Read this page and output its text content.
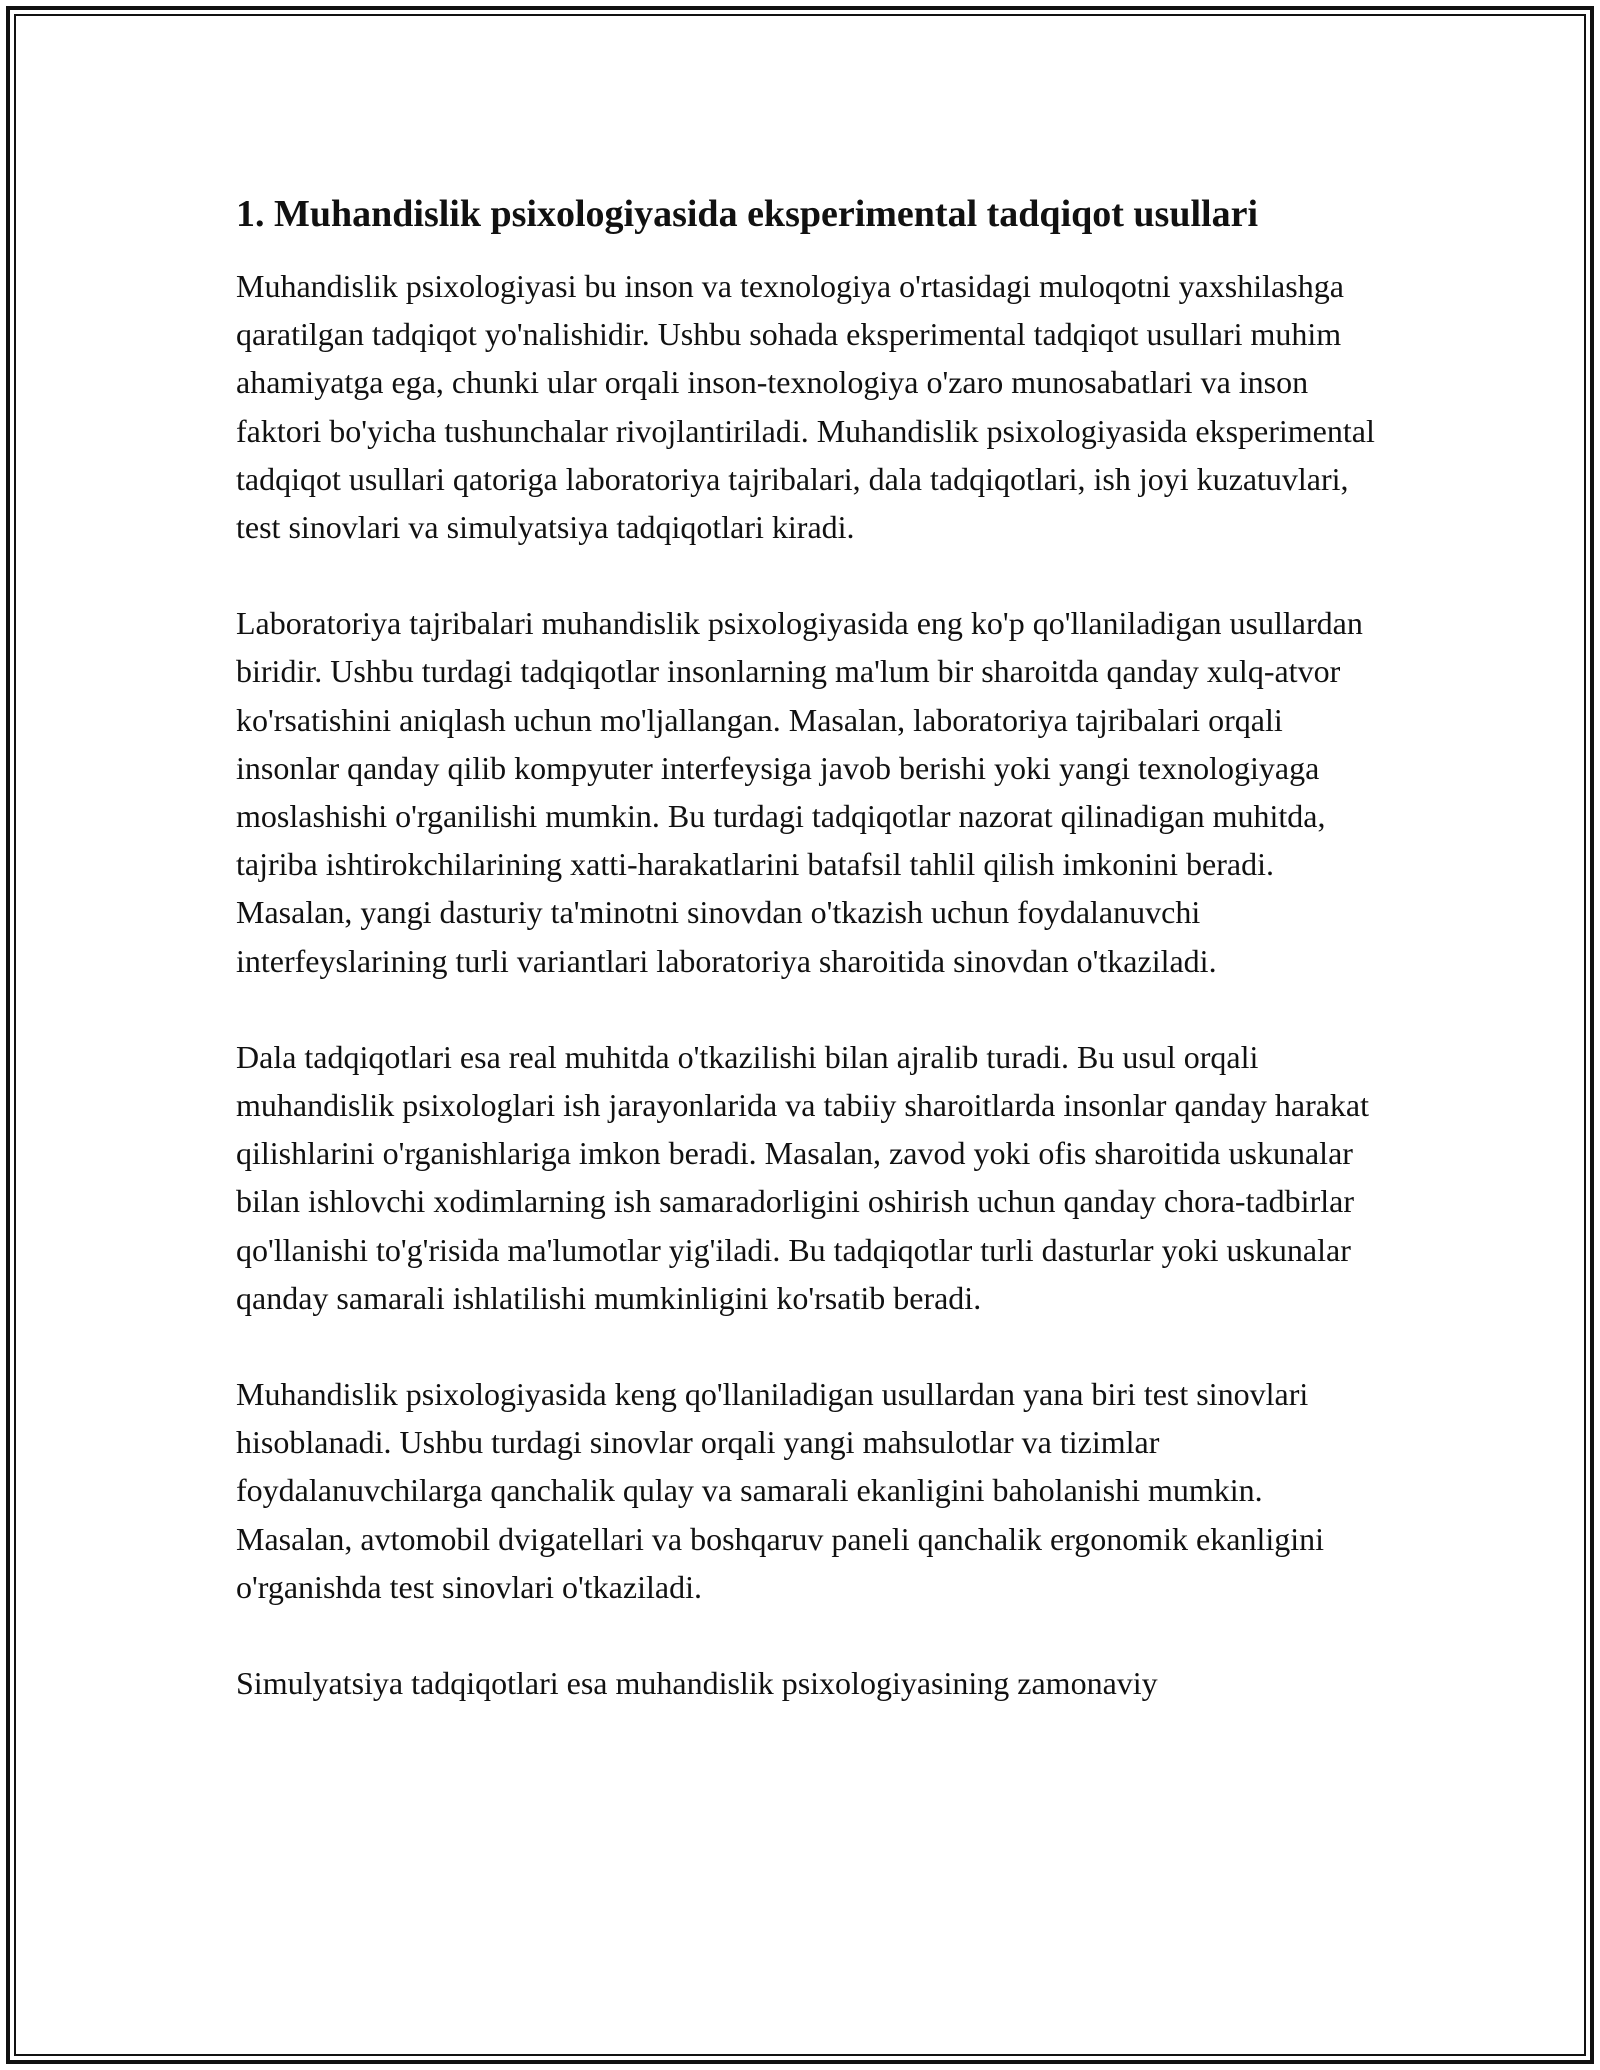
1. Muhandislik psixologiyasida eksperimental tadqiqot usullari

Muhandislik psixologiyasi bu inson va texnologiya o'rtasidagi muloqotni yaxshilashga qaratilgan tadqiqot yo'nalishidir. Ushbu sohada eksperimental tadqiqot usullari muhim ahamiyatga ega, chunki ular orqali inson-texnologiya o'zaro munosabatlari va inson faktori bo'yicha tushunchalar rivojlantiriladi. Muhandislik psixologiyasida eksperimental tadqiqot usullari qatoriga laboratoriya tajribalari, dala tadqiqotlari, ish joyi kuzatuvlari, test sinovlari va simulyatsiya tadqiqotlari kiradi.

Laboratoriya tajribalari muhandislik psixologiyasida eng ko'p qo'llaniladigan usullardan biridir. Ushbu turdagi tadqiqotlar insonlarning ma'lum bir sharoitda qanday xulq-atvor ko'rsatishini aniqlash uchun mo'ljallangan. Masalan, laboratoriya tajribalari orqali insonlar qanday qilib kompyuter interfeysiga javob berishi yoki yangi texnologiyaga moslashishi o'rganilishi mumkin. Bu turdagi tadqiqotlar nazorat qilinadigan muhitda, tajriba ishtirokchilarining xatti-harakatlarini batafsil tahlil qilish imkonini beradi. Masalan, yangi dasturiy ta'minotni sinovdan o'tkazish uchun foydalanuvchi interfeyslarining turli variantlari laboratoriya sharoitida sinovdan o'tkaziladi.

Dala tadqiqotlari esa real muhitda o'tkazilishi bilan ajralib turadi. Bu usul orqali muhandislik psixologlari ish jarayonlarida va tabiiy sharoitlarda insonlar qanday harakat qilishlarini o'rganishlariga imkon beradi. Masalan, zavod yoki ofis sharoitida uskunalar bilan ishlovchi xodimlarning ish samaradorligini oshirish uchun qanday chora-tadbirlar qo'llanishi to'g'risida ma'lumotlar yig'iladi. Bu tadqiqotlar turli dasturlar yoki uskunalar qanday samarali ishlatilishi mumkinligini ko'rsatib beradi.

Muhandislik psixologiyasida keng qo'llaniladigan usullardan yana biri test sinovlari hisoblanadi. Ushbu turdagi sinovlar orqali yangi mahsulotlar va tizimlar foydalanuvchilarga qanchalik qulay va samarali ekanligini baholanishi mumkin. Masalan, avtomobil dvigatellari va boshqaruv paneli qanchalik ergonomik ekanligini o'rganishda test sinovlari o'tkaziladi.

Simulyatsiya tadqiqotlari esa muhandislik psixologiyasining zamonaviy
